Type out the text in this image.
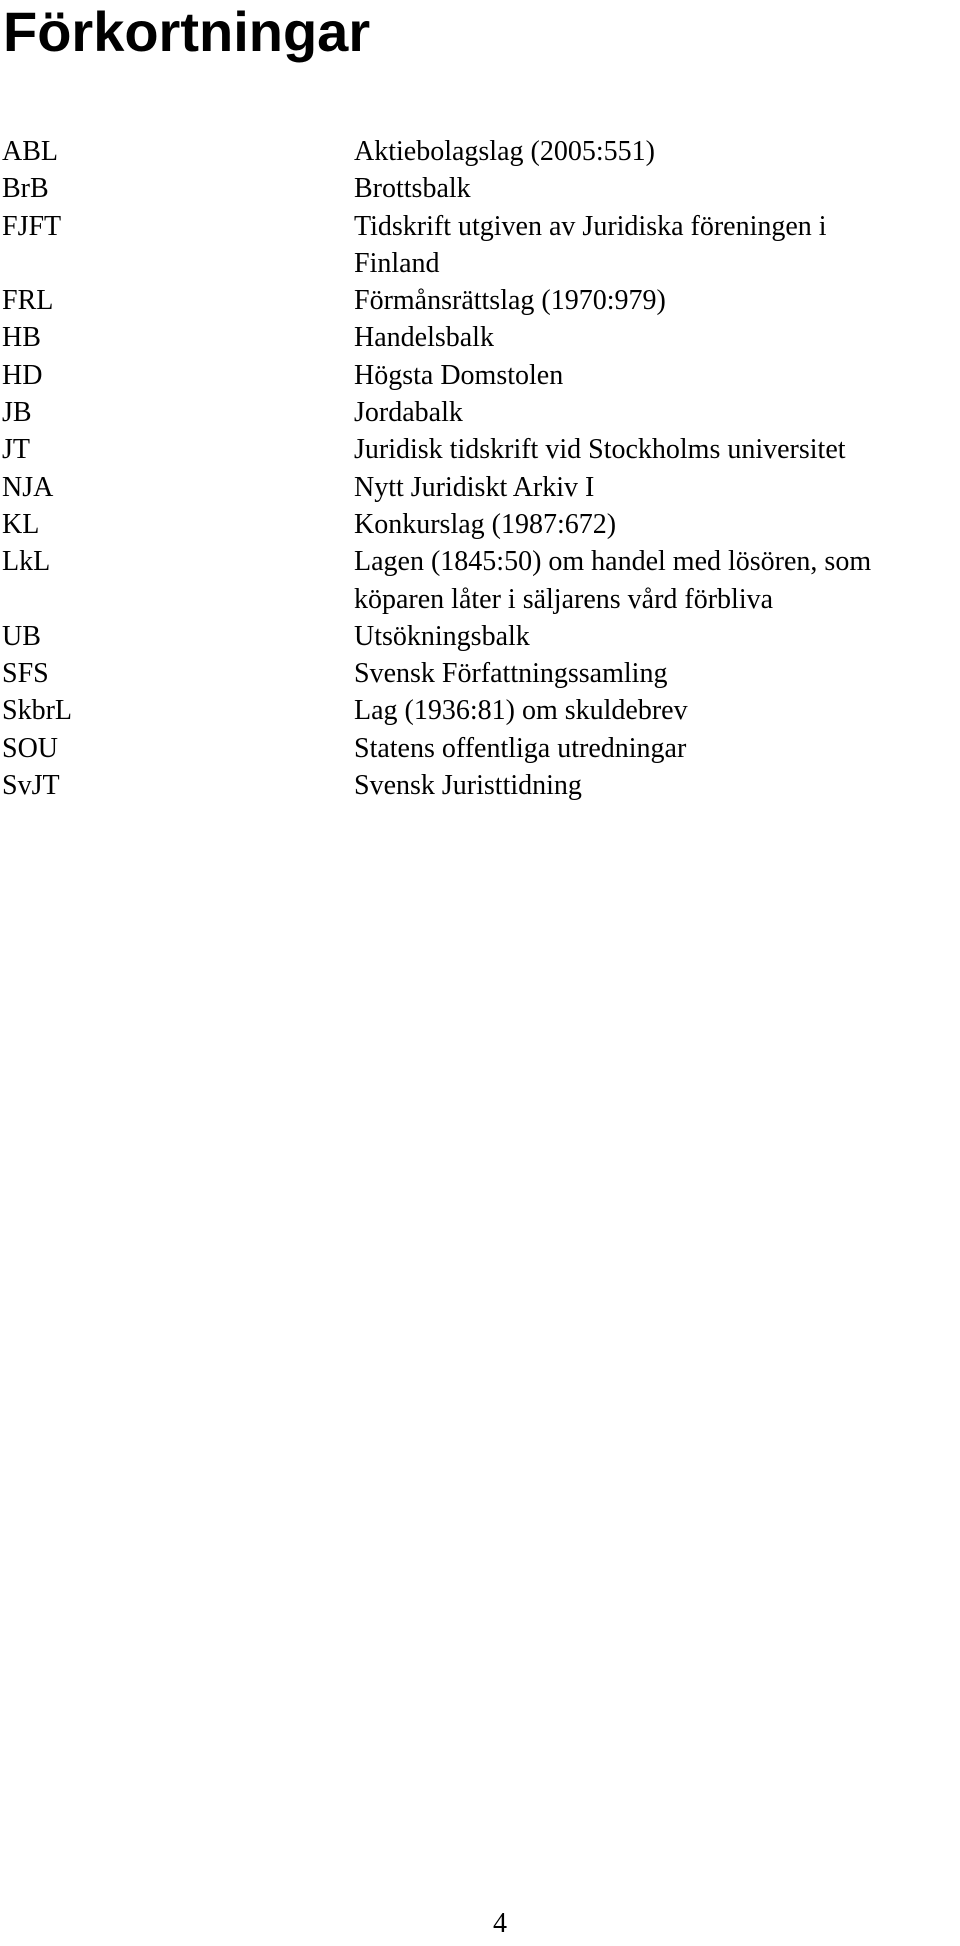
Förkortningar
ABL	Aktiebolagslag (2005:551)
BrB	Brottsbalk
FJFT	Tidskrift utgiven av Juridiska föreningen i
Finland
FRL	Förmånsrättslag (1970:979)
HB	Handelsbalk
HD	Högsta Domstolen
JB	Jordabalk
JT	Juridisk tidskrift vid Stockholms universitet
NJA	Nytt Juridiskt Arkiv I
KL	Konkurslag (1987:672)
LkL	Lagen (1845:50) om handel med lösören, som
köparen låter i säljarens vård förbliva
UB	Utsökningsbalk
SFS	Svensk Författningssamling
SkbrL	Lag (1936:81) om skuldebrev
SOU	Statens offentliga utredningar
SvJT	Svensk Juristtidning
4
